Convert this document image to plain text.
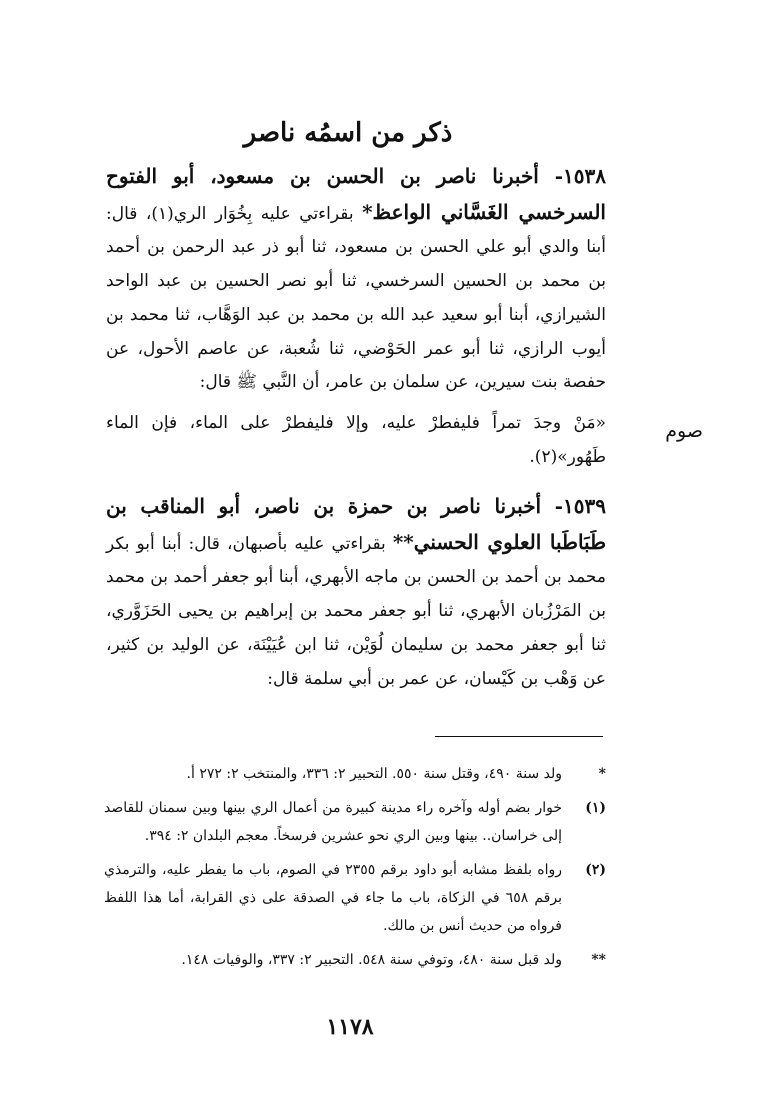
ذكر من اسمُه ناصر

١٥٣٨- أخبرنا ناصر بن الحسن بن مسعود، أبو الفتوح السرخسي الغَسَّاني الواعظ* بقراءتي عليه بِخُوَار الري(١)، قال: أبنا والدي أبو علي الحسن بن مسعود، ثنا أبو ذر عبد الرحمن بن أحمد بن محمد بن الحسين السرخسي، ثنا أبو نصر الحسين بن عبد الواحد الشيرازي، أبنا أبو سعيد عبد الله بن محمد بن عبد الوَهَّاب، ثنا محمد بن أيوب الرازي، ثنا أبو عمر الحَوْضي، ثنا شُعبة، عن عاصم الأحول، عن حفصة بنت سيرين، عن سلمان بن عامر، أن النَّبي ﷺ قال:

صوم

«مَنْ وجدَ تمراً فليفطرْ عليه، وإلا فليفطرْ على الماء، فإن الماء طَهُور»(٢).

١٥٣٩- أخبرنا ناصر بن حمزة بن ناصر، أبو المناقب بن طَبَاطَبا العلوي الحسني** بقراءتي عليه بأصبهان، قال: أبنا أبو بكر محمد بن أحمد بن الحسن بن ماجه الأبهري، أبنا أبو جعفر أحمد بن محمد بن المَرْزُبان الأبهري، ثنا أبو جعفر محمد بن إبراهيم بن يحيى الحَزَوَّري، ثنا أبو جعفر محمد بن سليمان لُوَيْن، ثنا ابن عُيَيْنَة، عن الوليد بن كثير، عن وَهْب بن كَيْسان، عن عمر بن أبي سلمة قال:

*
ولد سنة ٤٩٠، وقتل سنة ٥٥٠. التحبير ٢: ٣٣٦، والمنتخب ٢: ٢٧٢ أ.
(١)
خوار بضم أوله وآخره راء مدينة كبيرة من أعمال الري بينها وبين سمنان للقاصد إلى خراسان.. بينها وبين الري نحو عشرين فرسخاً. معجم البلدان ٢: ٣٩٤.
(٢)
رواه بلفظ مشابه أبو داود برقم ٢٣٥٥ في الصوم، باب ما يفطر عليه، والترمذي برقم ٦٥٨ في الزكاة، باب ما جاء في الصدقة على ذي القرابة، أما هذا اللفظ فرواه من حديث أنس بن مالك.
**
ولد قبل سنة ٤٨٠، وتوفي سنة ٥٤٨. التحبير ٢: ٣٣٧، والوفيات ١٤٨.

١١٧٨
